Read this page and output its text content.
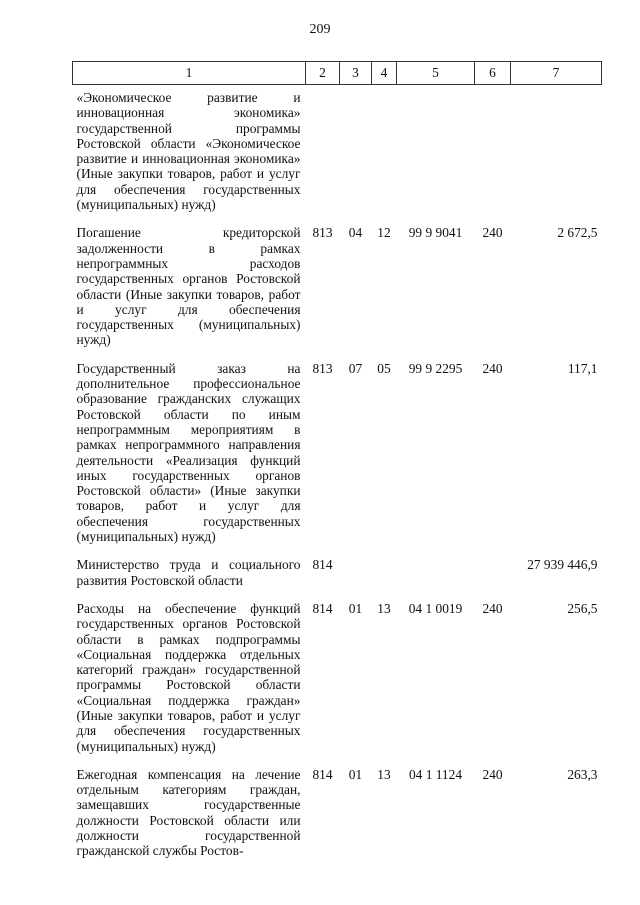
209
1	2	3	4	5	6	7
«Экономическое развитие и инновационная экономика» государственной программы Ростовской области «Экономическое развитие и инновационная экономика» (Иные закупки товаров, работ и услуг для обеспечения государственных (муниципальных) нужд)						
Погашение кредиторской задолженности в рамках непрограммных расходов государственных органов Ростовской области (Иные закупки товаров, работ и услуг для обеспечения государственных (муниципальных) нужд)	813	04	12	99 9 9041	240	2 672,5
Государственный заказ на дополнительное профессиональное образование гражданских служащих Ростовской области по иным непрограммным мероприятиям в рамках непрограммного направления деятельности «Реализация функций иных государственных органов Ростовской области» (Иные закупки товаров, работ и услуг для обеспечения государственных (муниципальных) нужд)	813	07	05	99 9 2295	240	117,1
Министерство труда и социального развития Ростовской области	814					27 939 446,9
Расходы на обеспечение функций государственных органов Ростовской области в рамках подпрограммы «Социальная поддержка отдельных категорий граждан» государственной программы Ростовской области «Социальная поддержка граждан» (Иные закупки товаров, работ и услуг для обеспечения государственных (муниципальных) нужд)	814	01	13	04 1 0019	240	256,5
Ежегодная компенсация на лечение отдельным категориям граждан, замещавших государственные должности Ростовской области или должности государственной гражданской службы Ростов-	814	01	13	04 1 1124	240	263,3
